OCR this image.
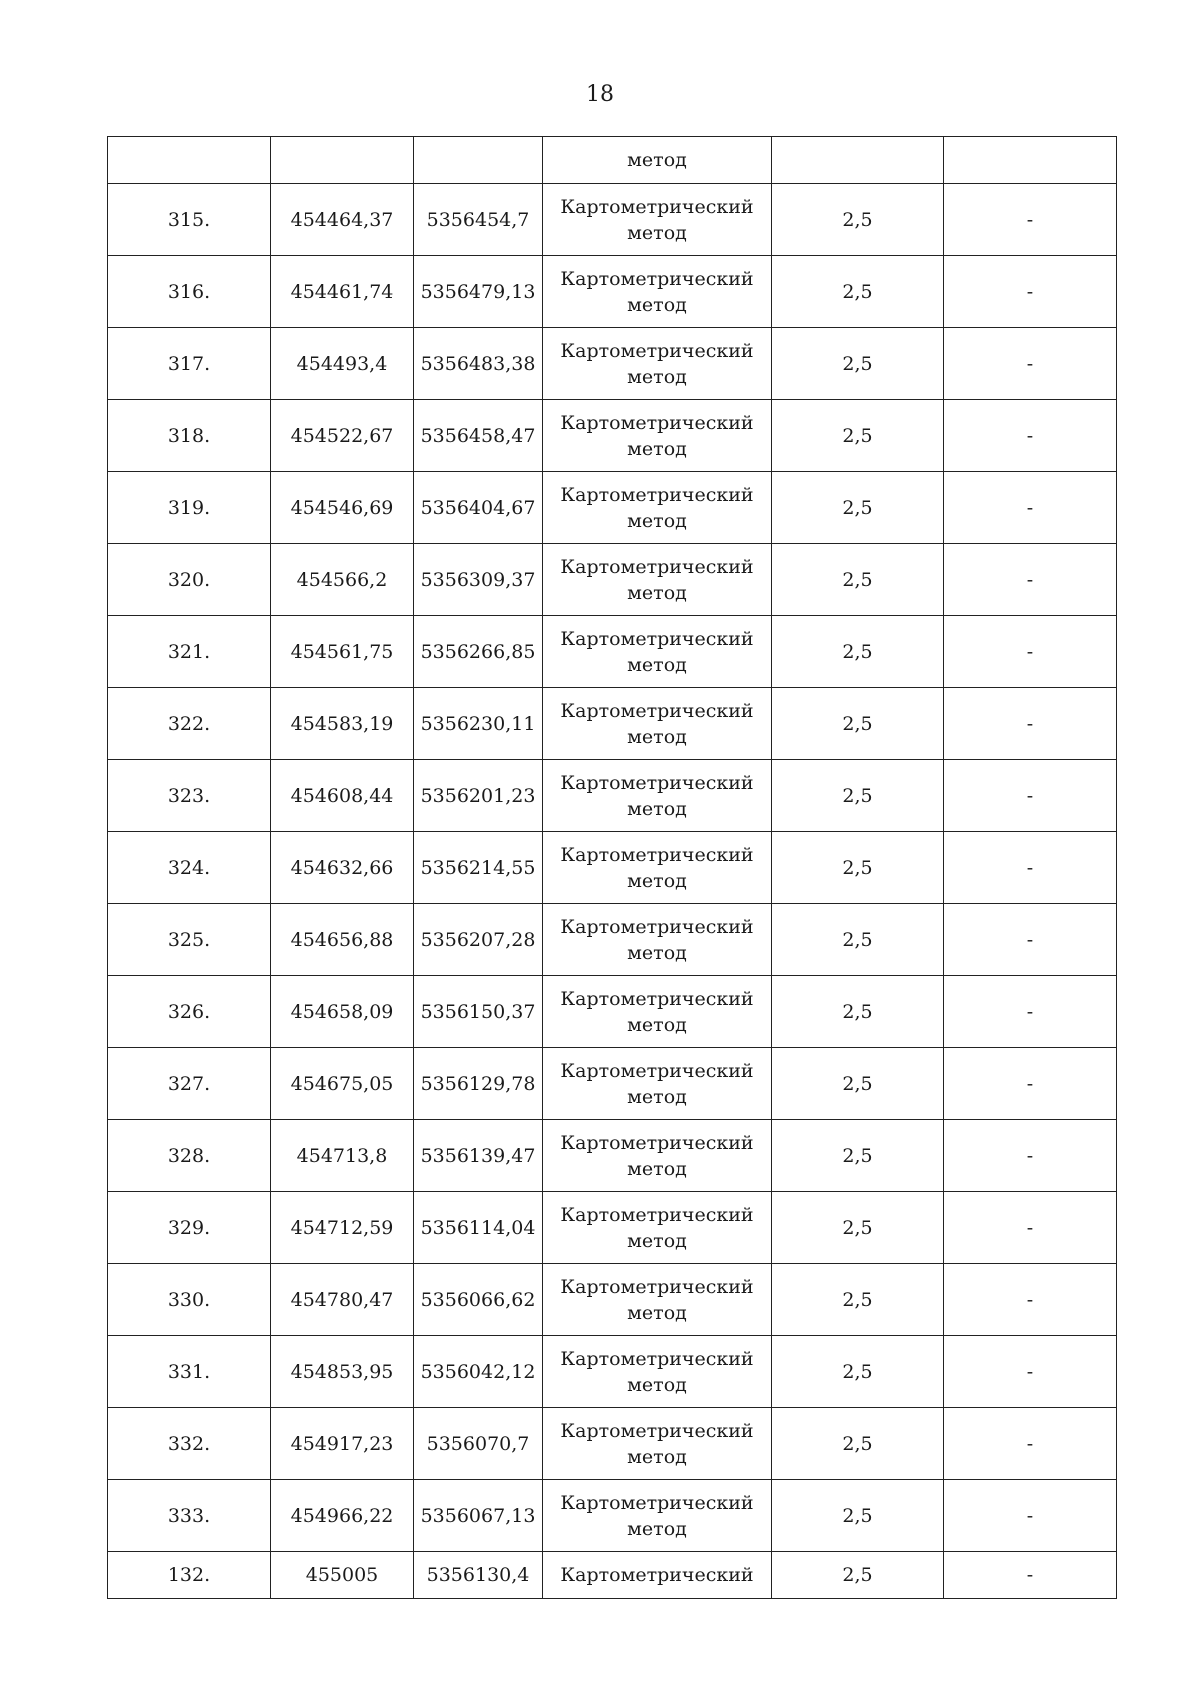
18
			метод		
315.	454464,37	5356454,7	Картометрический метод	2,5	-
316.	454461,74	5356479,13	Картометрический метод	2,5	-
317.	454493,4	5356483,38	Картометрический метод	2,5	-
318.	454522,67	5356458,47	Картометрический метод	2,5	-
319.	454546,69	5356404,67	Картометрический метод	2,5	-
320.	454566,2	5356309,37	Картометрический метод	2,5	-
321.	454561,75	5356266,85	Картометрический метод	2,5	-
322.	454583,19	5356230,11	Картометрический метод	2,5	-
323.	454608,44	5356201,23	Картометрический метод	2,5	-
324.	454632,66	5356214,55	Картометрический метод	2,5	-
325.	454656,88	5356207,28	Картометрический метод	2,5	-
326.	454658,09	5356150,37	Картометрический метод	2,5	-
327.	454675,05	5356129,78	Картометрический метод	2,5	-
328.	454713,8	5356139,47	Картометрический метод	2,5	-
329.	454712,59	5356114,04	Картометрический метод	2,5	-
330.	454780,47	5356066,62	Картометрический метод	2,5	-
331.	454853,95	5356042,12	Картометрический метод	2,5	-
332.	454917,23	5356070,7	Картометрический метод	2,5	-
333.	454966,22	5356067,13	Картометрический метод	2,5	-
132.	455005	5356130,4	Картометрический	2,5	-
